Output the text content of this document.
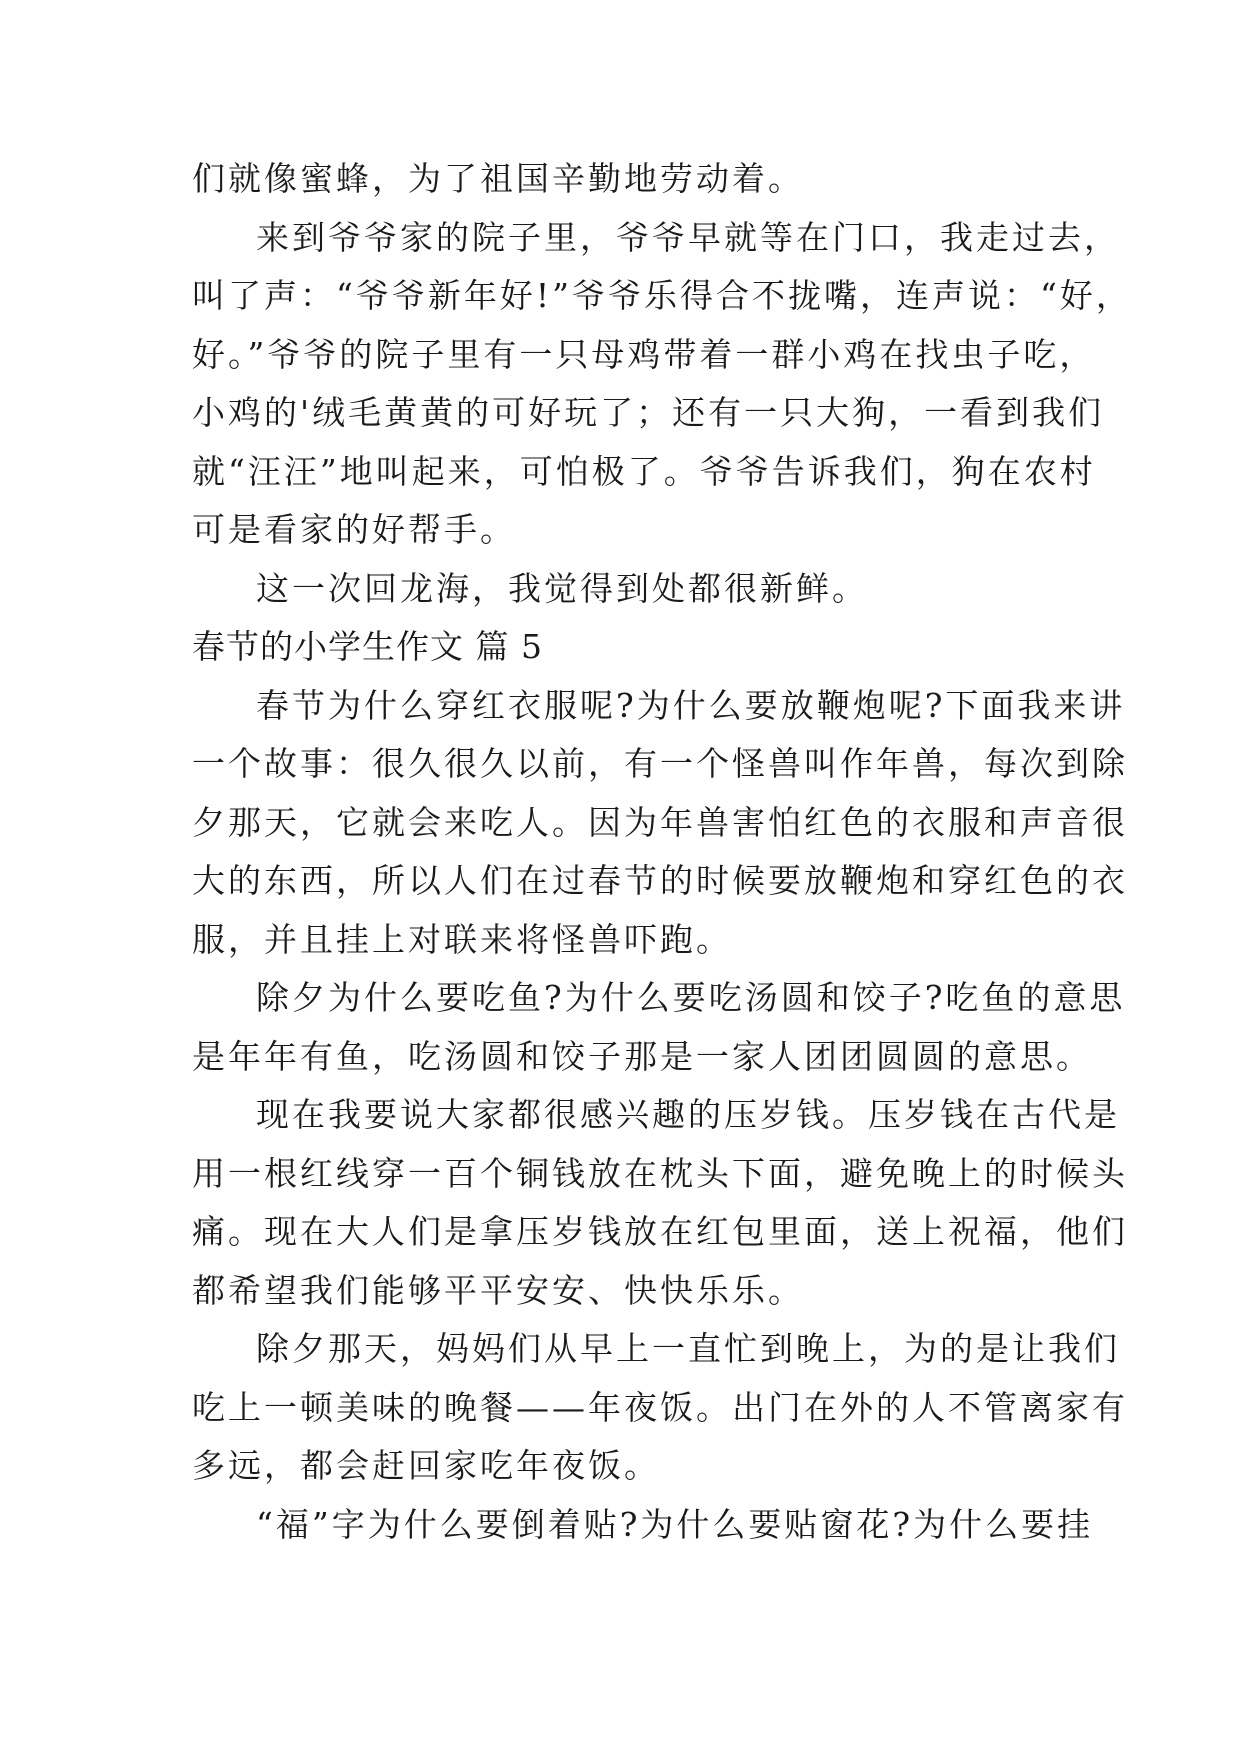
们就像蜜蜂，为了祖国辛勤地劳动着。
来到爷爷家的院子里，爷爷早就等在门口，我走过去，
叫了声：“爷爷新年好!”爷爷乐得合不拢嘴，连声说：“好，
好。”爷爷的院子里有一只母鸡带着一群小鸡在找虫子吃，
小鸡的'绒毛黄黄的可好玩了；还有一只大狗，一看到我们
就“汪汪”地叫起来，可怕极了。爷爷告诉我们，狗在农村
可是看家的好帮手。
这一次回龙海，我觉得到处都很新鲜。
春节的小学生作文 篇 5
春节为什么穿红衣服呢?为什么要放鞭炮呢?下面我来讲
一个故事：很久很久以前，有一个怪兽叫作年兽，每次到除
夕那天，它就会来吃人。因为年兽害怕红色的衣服和声音很
大的东西，所以人们在过春节的时候要放鞭炮和穿红色的衣
服，并且挂上对联来将怪兽吓跑。
除夕为什么要吃鱼?为什么要吃汤圆和饺子?吃鱼的意思
是年年有鱼，吃汤圆和饺子那是一家人团团圆圆的意思。
现在我要说大家都很感兴趣的压岁钱。压岁钱在古代是
用一根红线穿一百个铜钱放在枕头下面，避免晚上的时候头
痛。现在大人们是拿压岁钱放在红包里面，送上祝福，他们
都希望我们能够平平安安、快快乐乐。
除夕那天，妈妈们从早上一直忙到晚上，为的是让我们
吃上一顿美味的晚餐——年夜饭。出门在外的人不管离家有
多远，都会赶回家吃年夜饭。
“福”字为什么要倒着贴?为什么要贴窗花?为什么要挂
